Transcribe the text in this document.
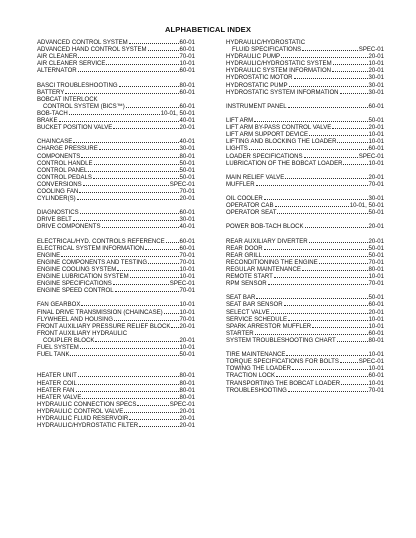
ALPHABETICAL INDEX
ADVANCED CONTROL SYSTEM	60-01
ADVANCED HAND CONTROL SYSTEM	60-01
AIR CLEANER	70-01
AIR CLEANER SERVICE	10-01
ALTERNATOR	60-01
BASCI TROUBLESHOOTING	80-01
BATTERY	60-01
BOBCAT INTERLOCK
CONTROL SYSTEM (BICS™)	60-01
BOB-TACH	10-01, 50-01
BRAKE	40-01
BUCKET POSITION VALVE	20-01
CHAINCASE	40-01
CHARGE PRESSURE	30-01
COMPONENTS	80-01
CONTROL HANDLE	50-01
CONTROL PANEL	50-01
CONTROL PEDALS	50-01
CONVERSIONS	SPEC-01
COOLING FAN	70-01
CYLINDER(S)	20-01
DIAGNOSTICS	60-01
DRIVE BELT	30-01
DRIVE COMPONENTS	40-01
ELECTRICAL/HYD. CONTROLS REFERENCE 60-01
ELECTRICAL SYSTEM INFORMATION	60-01
ENGINE	70-01
ENGINE COMPONENTS AND TESTING	70-01
ENGINE COOLING SYSTEM	10-01
ENGINE LUBRICATION SYSTEM	10-01
ENGINE SPECIFICATIONS	SPEC-01
ENGINE SPEED CONTROL	70-01
FAN GEARBOX	10-01
FINAL DRIVE TRANSMISSION (CHAINCASE)	10-01
FLYWHEEL AND HOUSING	70-01
FRONT AUXILIARY PRESSURE RELIEF BLOCK 20-01
FRONT AUXILIARY HYDRAULIC
COUPLER BLOCK	20-01
FUEL SYSTEM	10-01
FUEL TANK	50-01
HEATER UNIT	80-01
HEATER COIL	80-01
HEATER FAN	80-01
HEATER VALVE	80-01
HYDRAULIC CONNECTION SPECS	SPEC-01
HYDRAULIC CONTROL VALVE	20-01
HYDRAULIC FLUID RESERVOIR	20-01
HYDRAULIC/HYDROSTATIC FILTER	20-01
HYDRAULIC/HYDROSTATIC
FLUID SPECIFICATIONS	SPEC-01
HYDRAULIC PUMP	20-01
HYDRAULIC/HYDROSTATIC SYSTEM	10-01
HYDRAULIC SYSTEM INFORMATION	20-01
HYDROSTATIC MOTOR	30-01
HYDROSTATIC PUMP	30-01
HYDROSTATIC SYSTEM INFORMATION	30-01
INSTRUMENT PANEL	60-01
LIFT ARM	50-01
LIFT ARM BY-PASS CONTROL VALVE	20-01
LIFT ARM SUPPORT DEVICE	10-01
LIFTING AND BLOCKING THE LOADER	10-01
LIGHTS	60-01
LOADER SPECIFICATIONS	SPEC-01
LUBRICATION OF THE BOBCAT LOADER	10-01
MAIN RELIEF VALVE	20-01
MUFFLER	70-01
OIL COOLER	30-01
OPERATOR CAB	10-01, 50-01
OPERATOR SEAT	50-01
POWER BOB-TACH BLOCK	20-01
REAR AUXILIARY DIVERTER	20-01
REAR DOOR	50-01
REAR GRILL	50-01
RECONDITIONING THE ENGINE	70-01
REGULAR MAINTENANCE	80-01
REMOTE START	10-01
RPM SENSOR	70-01
SEAT BAR	50-01
SEAT BAR SENSOR	60-01
SELECT VALVE	20-01
SERVICE SCHEDULE	10-01
SPARK ARRESTOR MUFFLER	10-01
STARTER	60-01
SYSTEM TROUBLESHOOTING CHART	80-01
TIRE MAINTENANCE	10-01
TORQUE SPECIFICATIONS FOR BOLTS	SPEC-01
TOWING THE LOADER	10-01
TRACTION LOCK	60-01
TRANSPORTING THE BOBCAT LOADER	10-01
TROUBLESHOOTING	70-01
